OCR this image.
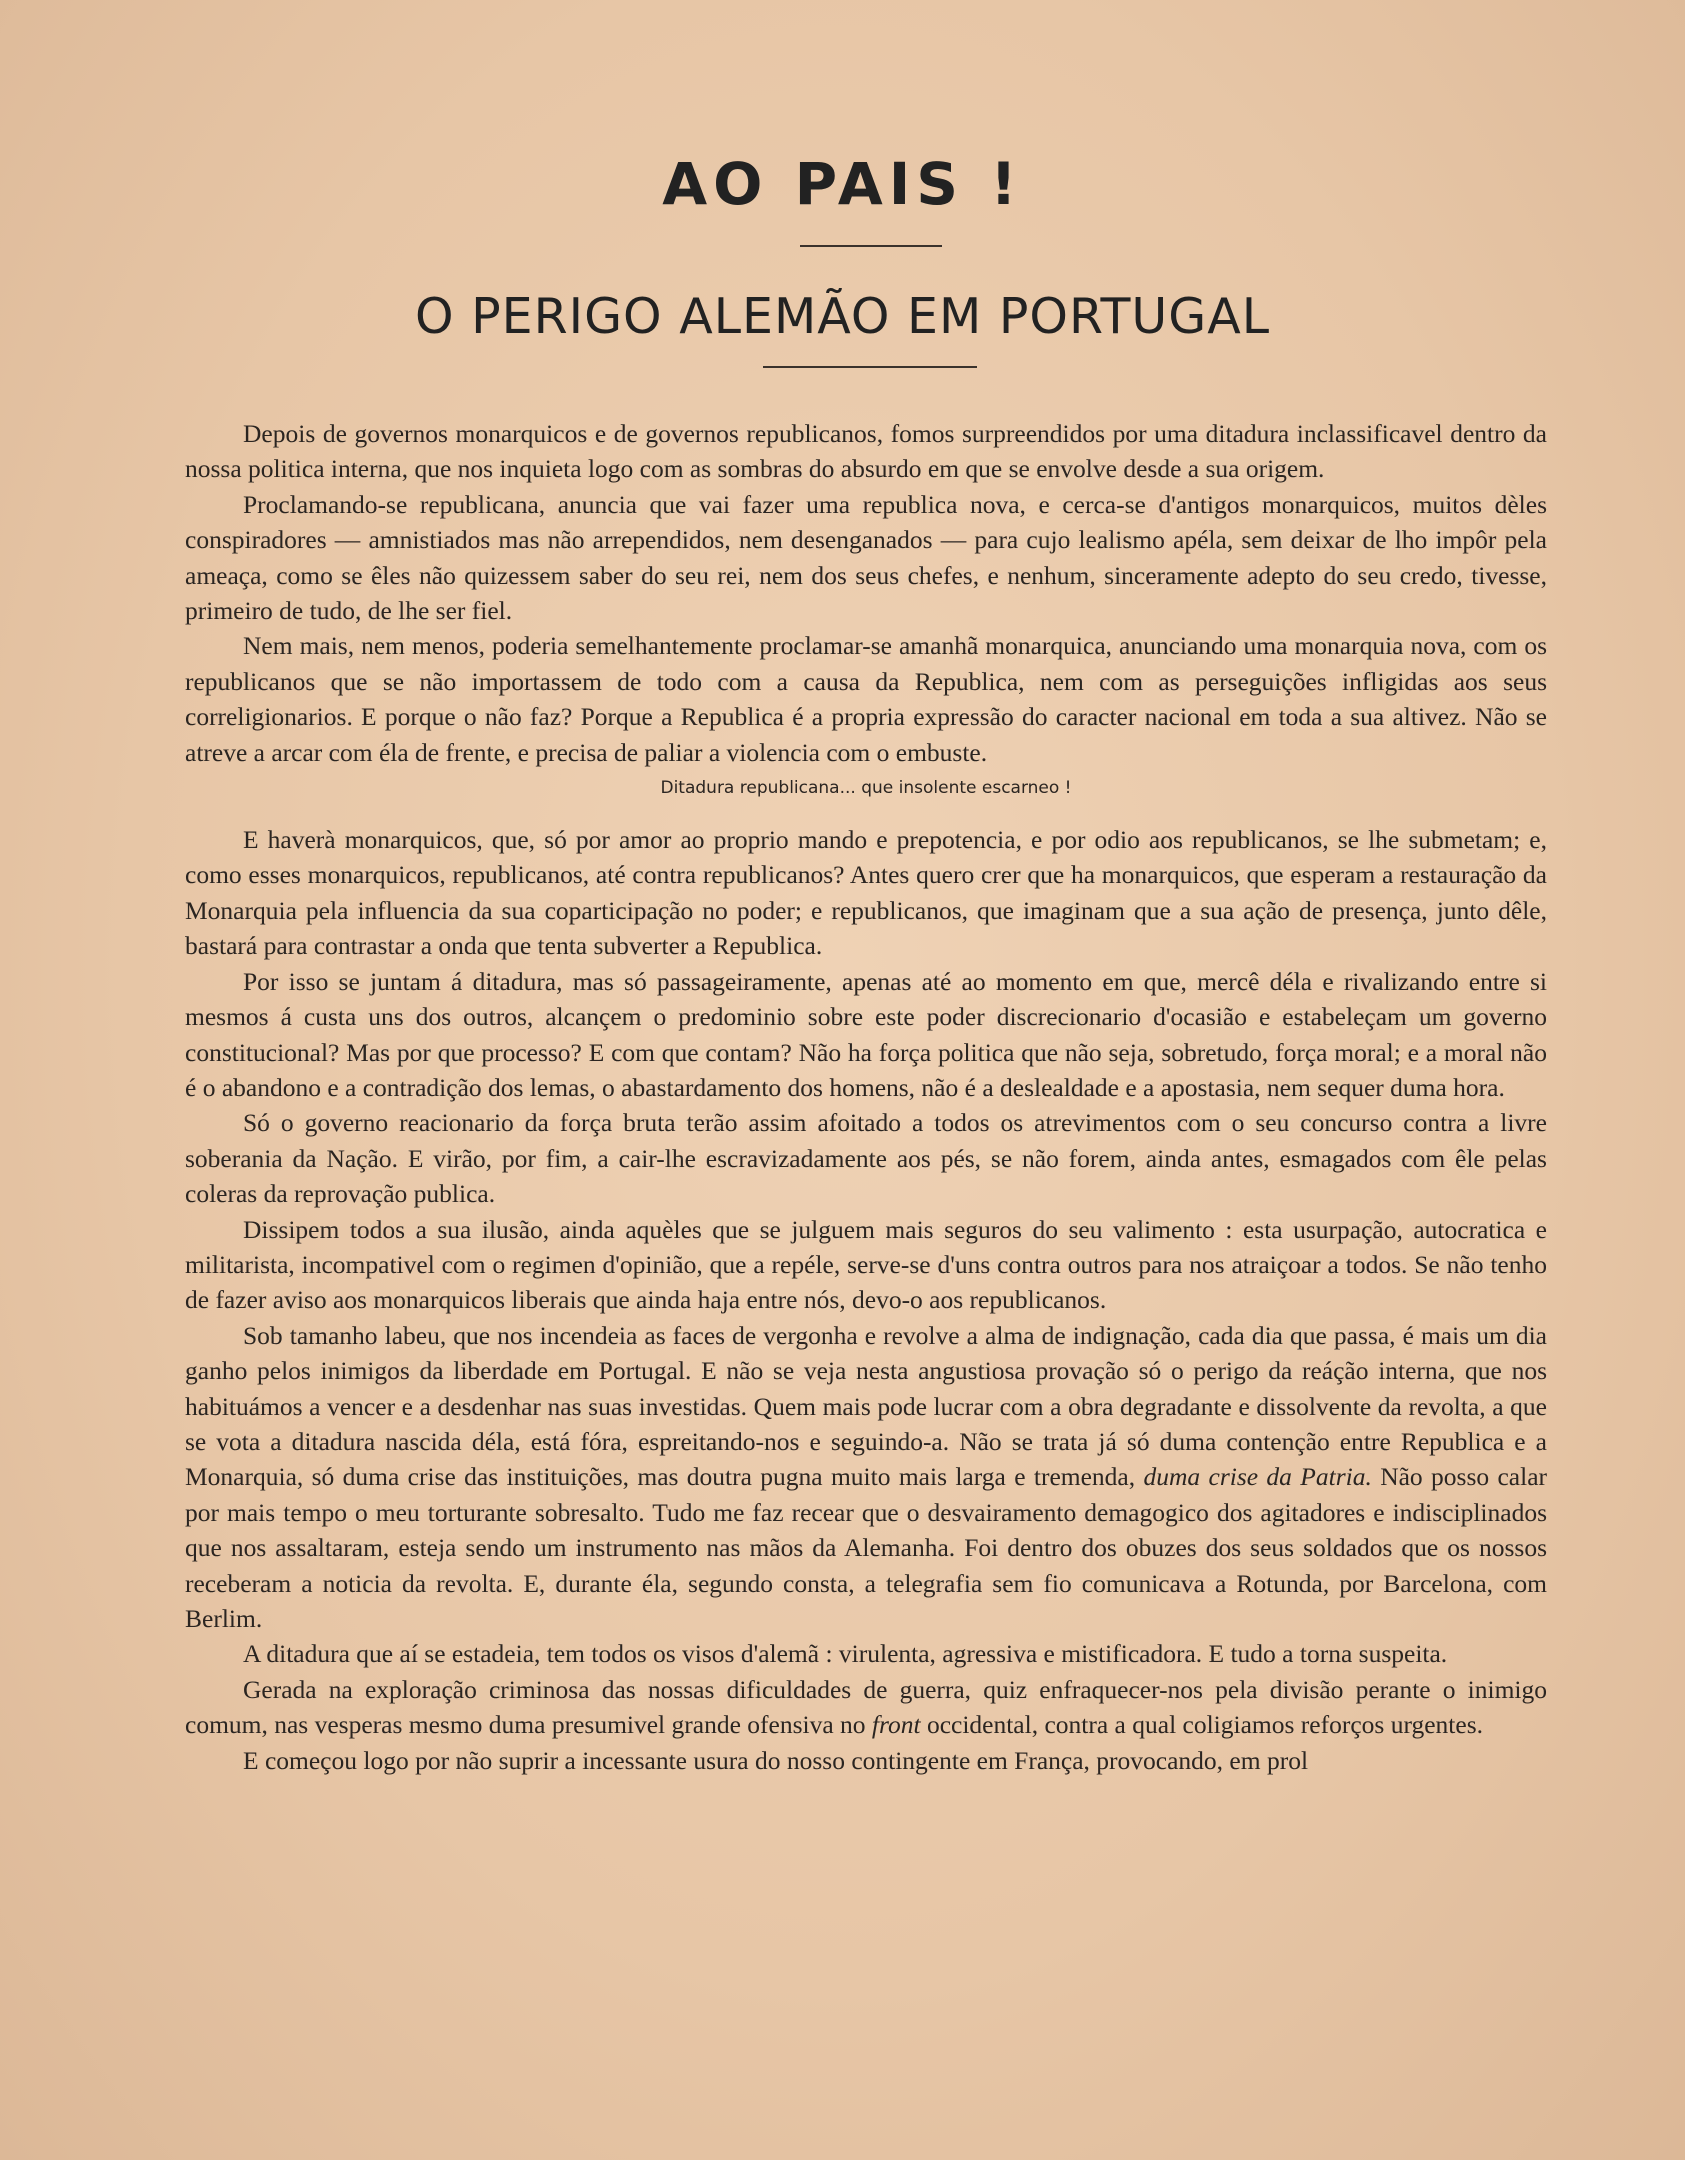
AO PAIS !
O PERIGO ALEMÃO EM PORTUGAL

Depois de governos monarquicos e de governos republicanos, fomos surpreendidos por uma ditadura inclassificavel dentro da nossa politica interna, que nos inquieta logo com as sombras do absurdo em que se envolve desde a sua origem.

Proclamando-se republicana, anuncia que vai fazer uma republica nova, e cerca-se d'antigos monarquicos, muitos dèles conspiradores — amnistiados mas não arrependidos, nem desenganados — para cujo lealismo apéla, sem deixar de lho impôr pela ameaça, como se êles não quizessem saber do seu rei, nem dos seus chefes, e nenhum, sinceramente adepto do seu credo, tivesse, primeiro de tudo, de lhe ser fiel.

Nem mais, nem menos, poderia semelhantemente proclamar-se amanhã monarquica, anunciando uma monarquia nova, com os republicanos que se não importassem de todo com a causa da Republica, nem com as perseguições infligidas aos seus correligionarios. E porque o não faz? Porque a Republica é a propria expressão do caracter nacional em toda a sua altivez. Não se atreve a arcar com éla de frente, e precisa de paliar a violencia com o embuste.

Ditadura republicana... que insolente escarneo !

E haverà monarquicos, que, só por amor ao proprio mando e prepotencia, e por odio aos republicanos, se lhe submetam; e, como esses monarquicos, republicanos, até contra republicanos? Antes quero crer que ha monarquicos, que esperam a restauração da Monarquia pela influencia da sua coparticipação no poder; e republicanos, que imaginam que a sua ação de presença, junto dêle, bastará para contrastar a onda que tenta subverter a Republica.

Por isso se juntam á ditadura, mas só passageiramente, apenas até ao momento em que, mercê déla e rivalizando entre si mesmos á custa uns dos outros, alcançem o predominio sobre este poder discrecionario d'ocasião e estabeleçam um governo constitucional? Mas por que processo? E com que contam? Não ha força politica que não seja, sobretudo, força moral; e a moral não é o abandono e a contradição dos lemas, o abastardamento dos homens, não é a deslealdade e a apostasia, nem sequer duma hora.

Só o governo reacionario da força bruta terão assim afoitado a todos os atrevimentos com o seu concurso contra a livre soberania da Nação. E virão, por fim, a cair-lhe escravizadamente aos pés, se não forem, ainda antes, esmagados com êle pelas coleras da reprovação publica.

Dissipem todos a sua ilusão, ainda aquèles que se julguem mais seguros do seu valimento : esta usurpação, autocratica e militarista, incompativel com o regimen d'opinião, que a repéle, serve-se d'uns contra outros para nos atraiçoar a todos. Se não tenho de fazer aviso aos monarquicos liberais que ainda haja entre nós, devo-o aos republicanos.

Sob tamanho labeu, que nos incendeia as faces de vergonha e revolve a alma de indignação, cada dia que passa, é mais um dia ganho pelos inimigos da liberdade em Portugal. E não se veja nesta angustiosa provação só o perigo da reáção interna, que nos habituámos a vencer e a desdenhar nas suas investidas. Quem mais pode lucrar com a obra degradante e dissolvente da revolta, a que se vota a ditadura nascida déla, está fóra, espreitando-nos e seguindo-a. Não se trata já só duma contenção entre Republica e a Monarquia, só duma crise das instituições, mas doutra pugna muito mais larga e tremenda, duma crise da Patria. Não posso calar por mais tempo o meu torturante sobresalto. Tudo me faz recear que o desvairamento demagogico dos agitadores e indisciplinados que nos assaltaram, esteja sendo um instrumento nas mãos da Alemanha. Foi dentro dos obuzes dos seus soldados que os nossos receberam a noticia da revolta. E, durante éla, segundo consta, a telegrafia sem fio comunicava a Rotunda, por Barcelona, com Berlim.

A ditadura que aí se estadeia, tem todos os visos d'alemã : virulenta, agressiva e mistificadora. E tudo a torna suspeita.

Gerada na exploração criminosa das nossas dificuldades de guerra, quiz enfraquecer-nos pela divisão perante o inimigo comum, nas vesperas mesmo duma presumivel grande ofensiva no front occidental, contra a qual coligiamos reforços urgentes.

E começou logo por não suprir a incessante usura do nosso contingente em França, provocando, em prol
